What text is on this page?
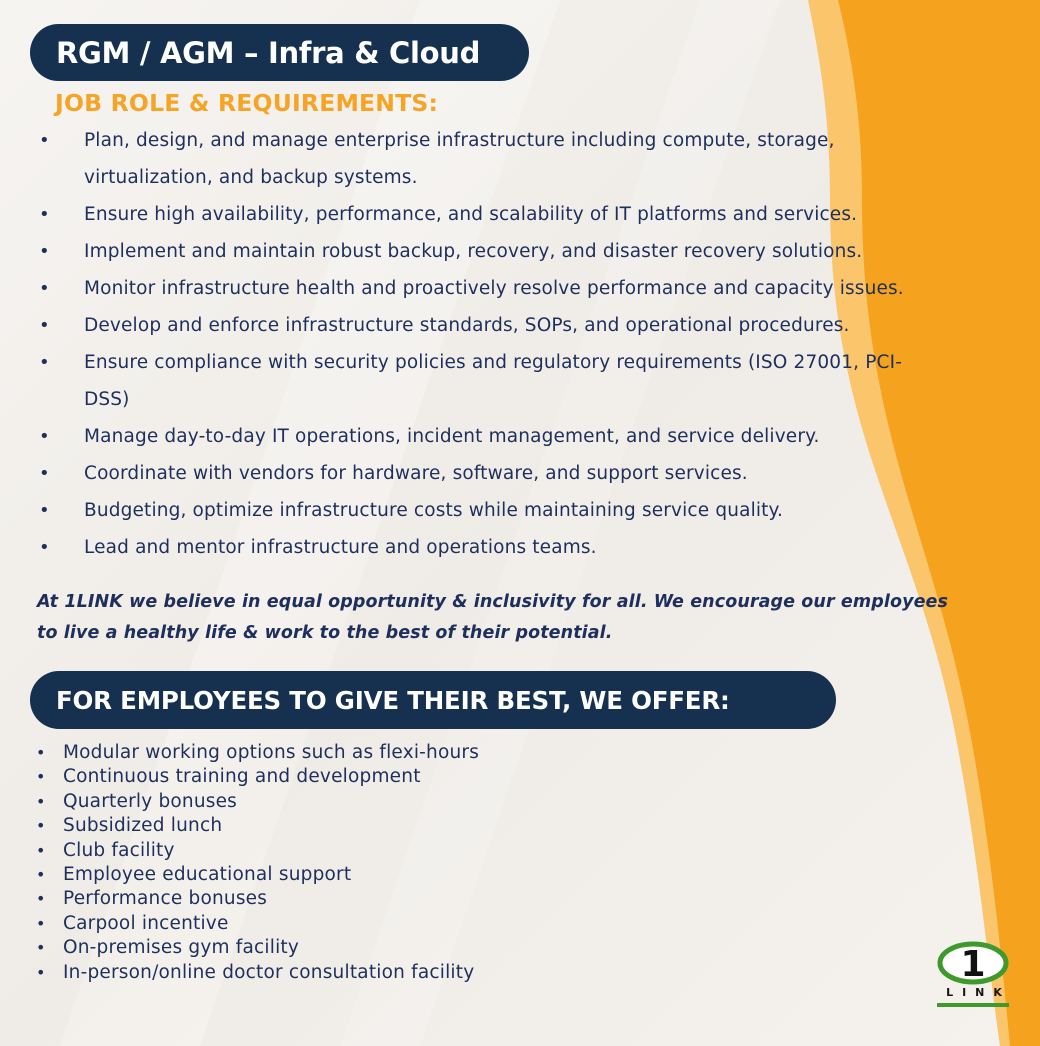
RGM / AGM – Infra & Cloud
JOB ROLE & REQUIREMENTS:
• Plan, design, and manage enterprise infrastructure including compute, storage,
virtualization, and backup systems.
• Ensure high availability, performance, and scalability of IT platforms and services.
• Implement and maintain robust backup, recovery, and disaster recovery solutions.
• Monitor infrastructure health and proactively resolve performance and capacity issues.
• Develop and enforce infrastructure standards, SOPs, and operational procedures.
• Ensure compliance with security policies and regulatory requirements (ISO 27001, PCI-
DSS)
• Manage day-to-day IT operations, incident management, and service delivery.
• Coordinate with vendors for hardware, software, and support services.
• Budgeting, optimize infrastructure costs while maintaining service quality.
• Lead and mentor infrastructure and operations teams.
At 1LINK we believe in equal opportunity & inclusivity for all. We encourage our employees
to live a healthy life & work to the best of their potential.
FOR EMPLOYEES TO GIVE THEIR BEST, WE OFFER:
• Modular working options such as flexi-hours
• Continuous training and development
• Quarterly bonuses
• Subsidized lunch
• Club facility
• Employee educational support
• Performance bonuses
• Carpool incentive
• On-premises gym facility
• In-person/online doctor consultation facility	1
LINK
